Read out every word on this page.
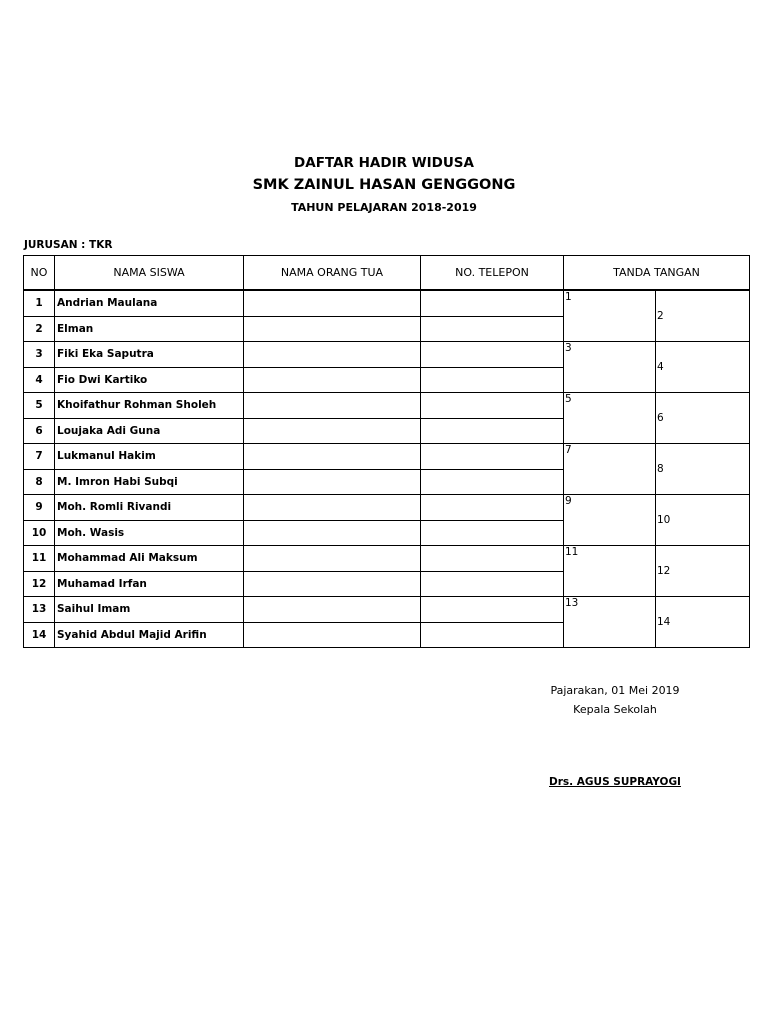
DAFTAR HADIR WIDUSA
SMK ZAINUL HASAN GENGGONG
TAHUN PELAJARAN 2018-2019
JURUSAN : TKR
NO	NAMA SISWA	NAMA ORANG TUA	NO. TELEPON	TANDA TANGAN	
1	Andrian Maulana			1	2
2	Elman				
3	Fiki Eka Saputra			3	4
4	Fio Dwi Kartiko				
5	Khoifathur Rohman Sholeh			5	6
6	Loujaka Adi Guna				
7	Lukmanul Hakim			7	8
8	M. Imron Habi Subqi				
9	Moh. Romli Rivandi			9	10
10	Moh. Wasis				
11	Mohammad Ali Maksum			11	12
12	Muhamad Irfan				
13	Saihul Imam			13	14
14	Syahid Abdul Majid Arifin				
Pajarakan, 01 Mei 2019
Kepala Sekolah
Drs. AGUS SUPRAYOGI
